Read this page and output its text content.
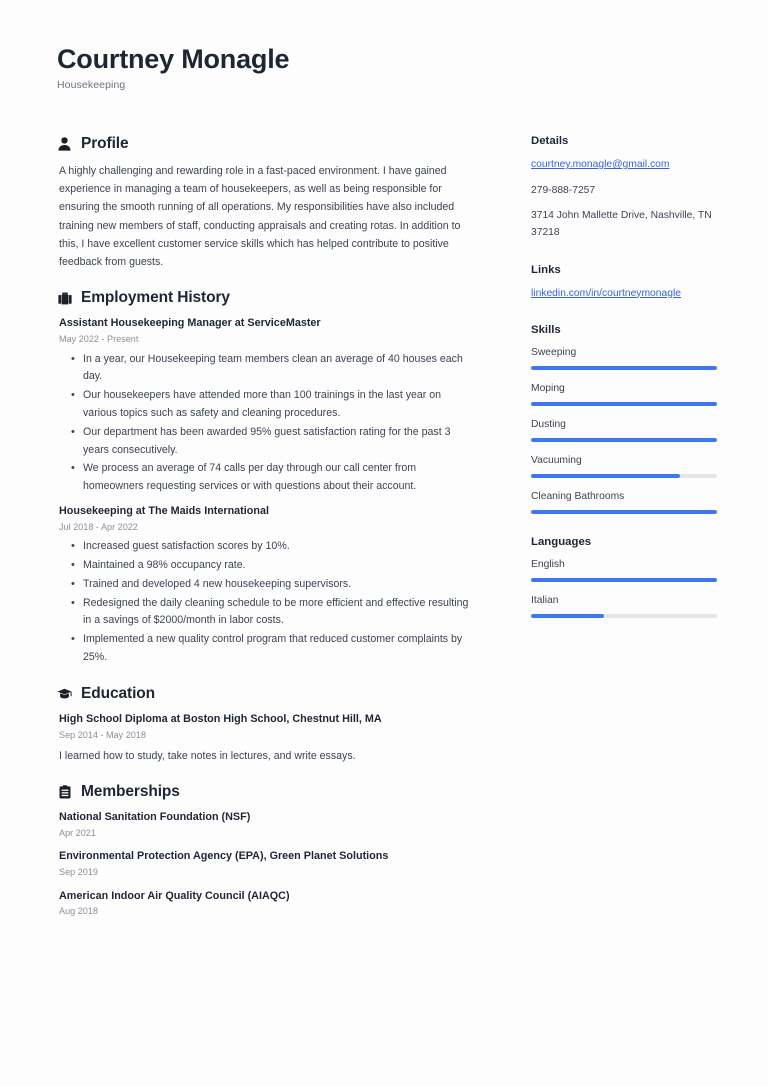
Courtney Monagle
Housekeeping
Profile

A highly challenging and rewarding role in a fast-paced environment. I have gained experience in managing a team of housekeepers, as well as being responsible for ensuring the smooth running of all operations. My responsibilities have also included training new members of staff, conducting appraisals and creating rotas. In addition to this, I have excellent customer service skills which has helped contribute to positive feedback from guests.

Employment History
Assistant Housekeeping Manager at ServiceMaster
May 2022 - Present
• In a year, our Housekeeping team members clean an average of 40 houses each day.
• Our housekeepers have attended more than 100 trainings in the last year on various topics such as safety and cleaning procedures.
• Our department has been awarded 95% guest satisfaction rating for the past 3 years consecutively.
• We process an average of 74 calls per day through our call center from homeowners requesting services or with questions about their account.
Housekeeping at The Maids International
Jul 2018 - Apr 2022
• Increased guest satisfaction scores by 10%.
• Maintained a 98% occupancy rate.
• Trained and developed 4 new housekeeping supervisors.
• Redesigned the daily cleaning schedule to be more efficient and effective resulting in a savings of $2000/month in labor costs.
• Implemented a new quality control program that reduced customer complaints by 25%.
Education
High School Diploma at Boston High School, Chestnut Hill, MA
Sep 2014 - May 2018

I learned how to study, take notes in lectures, and write essays.

Memberships
National Sanitation Foundation (NSF)
Apr 2021
Environmental Protection Agency (EPA), Green Planet Solutions
Sep 2019
American Indoor Air Quality Council (AIAQC)
Aug 2018
Details
courtney.monagle@gmail.com
279-888-7257
3714 John Mallette Drive, Nashville, TN 37218
Links
linkedin.com/in/courtneymonagle
Skills
Sweeping
Moping
Dusting
Vacuuming
Cleaning Bathrooms
Languages
English
Italian
